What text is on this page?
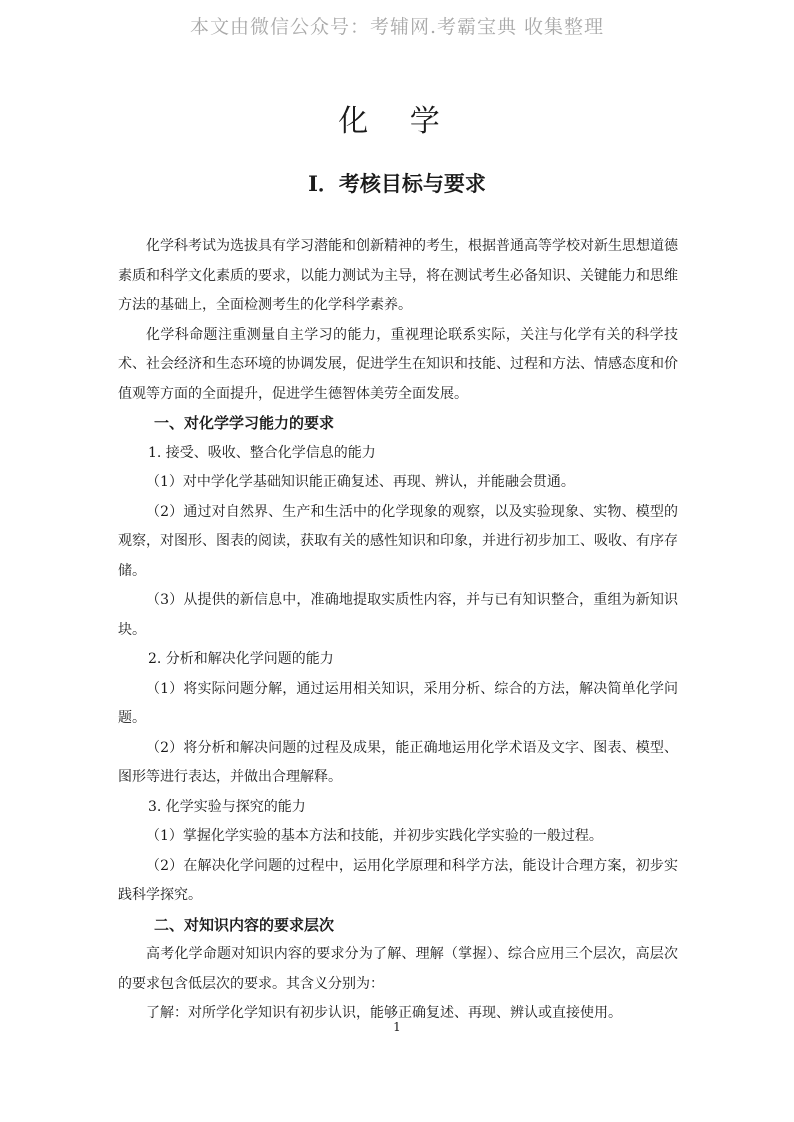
本文由微信公众号：考辅网.考霸宝典 收集整理
化 学
Ⅰ．考核目标与要求

化学科考试为选拔具有学习潜能和创新精神的考生，根据普通高等学校对新生思想道德素质和科学文化素质的要求，以能力测试为主导，将在测试考生必备知识、关键能力和思维方法的基础上，全面检测考生的化学科学素养。

化学科命题注重测量自主学习的能力，重视理论联系实际，关注与化学有关的科学技术、社会经济和生态环境的协调发展，促进学生在知识和技能、过程和方法、情感态度和价值观等方面的全面提升，促进学生德智体美劳全面发展。

一、对化学学习能力的要求

1. 接受、吸收、整合化学信息的能力

（1）对中学化学基础知识能正确复述、再现、辨认，并能融会贯通。

（2）通过对自然界、生产和生活中的化学现象的观察，以及实验现象、实物、模型的观察，对图形、图表的阅读，获取有关的感性知识和印象，并进行初步加工、吸收、有序存储。

（3）从提供的新信息中，准确地提取实质性内容，并与已有知识整合，重组为新知识块。

2. 分析和解决化学问题的能力

（1）将实际问题分解，通过运用相关知识，采用分析、综合的方法，解决简单化学问题。

（2）将分析和解决问题的过程及成果，能正确地运用化学术语及文字、图表、模型、图形等进行表达，并做出合理解释。

3. 化学实验与探究的能力

（1）掌握化学实验的基本方法和技能，并初步实践化学实验的一般过程。

（2）在解决化学问题的过程中，运用化学原理和科学方法，能设计合理方案，初步实践科学探究。

二、对知识内容的要求层次

高考化学命题对知识内容的要求分为了解、理解（掌握）、综合应用三个层次，高层次的要求包含低层次的要求。其含义分别为：

了解：对所学化学知识有初步认识，能够正确复述、再现、辨认或直接使用。

1
